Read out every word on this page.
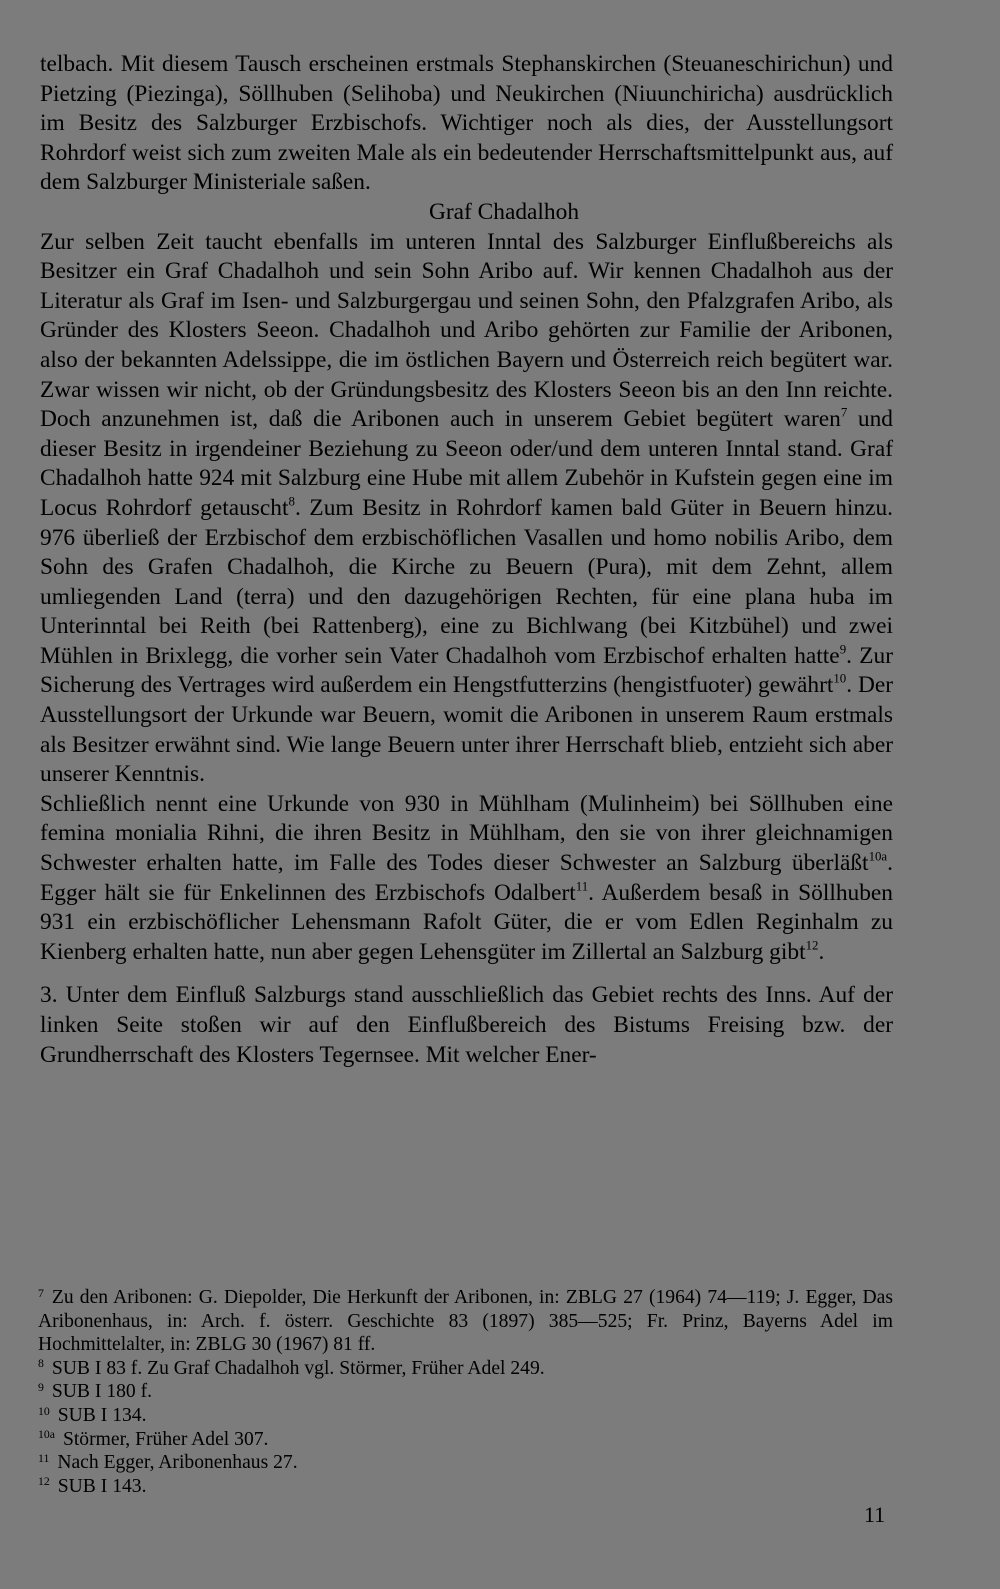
telbach. Mit diesem Tausch erscheinen erstmals Stephanskirchen (Steuaneschirichun) und Pietzing (Piezinga), Söllhuben (Selihoba) und Neukirchen (Niuunchiricha) ausdrücklich im Besitz des Salzburger Erzbischofs. Wichtiger noch als dies, der Ausstellungsort Rohrdorf weist sich zum zweiten Male als ein bedeutender Herrschaftsmittelpunkt aus, auf dem Salzburger Ministeriale saßen.

Graf Chadalhoh

Zur selben Zeit taucht ebenfalls im unteren Inntal des Salzburger Einflußbereichs als Besitzer ein Graf Chadalhoh und sein Sohn Aribo auf. Wir kennen Chadalhoh aus der Literatur als Graf im Isen- und Salzburgergau und seinen Sohn, den Pfalzgrafen Aribo, als Gründer des Klosters Seeon. Chadalhoh und Aribo gehörten zur Familie der Aribonen, also der bekannten Adelssippe, die im östlichen Bayern und Österreich reich begütert war. Zwar wissen wir nicht, ob der Gründungsbesitz des Klosters Seeon bis an den Inn reichte. Doch anzunehmen ist, daß die Aribonen auch in unserem Gebiet begütert waren$^7$ und dieser Besitz in irgendeiner Beziehung zu Seeon oder/und dem unteren Inntal stand. Graf Chadalhoh hatte 924 mit Salzburg eine Hube mit allem Zubehör in Kufstein gegen eine im Locus Rohrdorf getauscht$^8$. Zum Besitz in Rohrdorf kamen bald Güter in Beuern hinzu. 976 überließ der Erzbischof dem erzbischöflichen Vasallen und homo nobilis Aribo, dem Sohn des Grafen Chadalhoh, die Kirche zu Beuern (Pura), mit dem Zehnt, allem umliegenden Land (terra) und den dazugehörigen Rechten, für eine plana huba im Unterinntal bei Reith (bei Rattenberg), eine zu Bichlwang (bei Kitzbühel) und zwei Mühlen in Brixlegg, die vorher sein Vater Chadalhoh vom Erzbischof erhalten hatte$^9$. Zur Sicherung des Vertrages wird außerdem ein Hengstfutterzins (hengistfuoter) gewährt$^{10}$. Der Ausstellungsort der Urkunde war Beuern, womit die Aribonen in unserem Raum erstmals als Besitzer erwähnt sind. Wie lange Beuern unter ihrer Herrschaft blieb, entzieht sich aber unserer Kenntnis.

Schließlich nennt eine Urkunde von 930 in Mühlham (Mulinheim) bei Söllhuben eine femina monialia Rihni, die ihren Besitz in Mühlham, den sie von ihrer gleichnamigen Schwester erhalten hatte, im Falle des Todes dieser Schwester an Salzburg überläßt$^{10a}$. Egger hält sie für Enkelinnen des Erzbischofs Odalbert$^{11}$. Außerdem besaß in Söllhuben 931 ein erzbischöflicher Lehensmann Rafolt Güter, die er vom Edlen Reginhalm zu Kienberg erhalten hatte, nun aber gegen Lehensgüter im Zillertal an Salzburg gibt$^{12}$.

3. Unter dem Einfluß Salzburgs stand ausschließlich das Gebiet rechts des Inns. Auf der linken Seite stoßen wir auf den Einflußbereich des Bistums Freising bzw. der Grundherrschaft des Klosters Tegernsee. Mit welcher Ener-

$^7$ Zu den Aribonen: G. Diepolder, Die Herkunft der Aribonen, in: ZBLG 27 (1964) 74—119; J. Egger, Das Aribonenhaus, in: Arch. f. österr. Geschichte 83 (1897) 385—525; Fr. Prinz, Bayerns Adel im Hochmittelalter, in: ZBLG 30 (1967) 81 ff.
$^8$ SUB I 83 f. Zu Graf Chadalhoh vgl. Störmer, Früher Adel 249.
$^9$ SUB I 180 f.
$^{10}$ SUB I 134.
$^{10a}$ Störmer, Früher Adel 307.
$^{11}$ Nach Egger, Aribonenhaus 27.
$^{12}$ SUB I 143.
11
